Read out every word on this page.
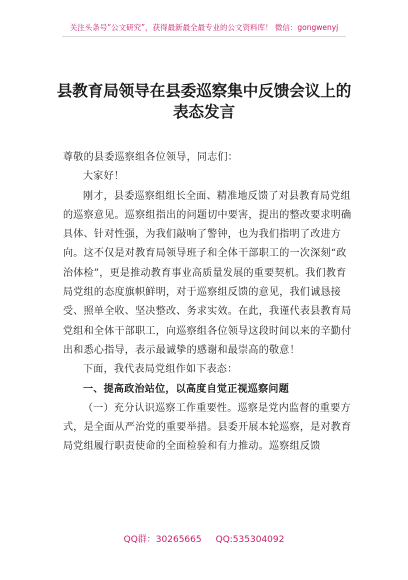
关注头条号“公文研究”，获得最新最全最专业的公文资料库！ 微信：gongwenyj
县教育局领导在县委巡察集中反馈会议上的
表态发言

尊敬的县委巡察组各位领导，同志们：

大家好！

刚才，县委巡察组组长全面、精准地反馈了对县教育局党组的巡察意见。巡察组指出的问题切中要害，提出的整改要求明确具体、针对性强，为我们敲响了警钟，也为我们指明了改进方向。这不仅是对教育局领导班子和全体干部职工的一次深刻“政治体检”，更是推动教育事业高质量发展的重要契机。我们教育局党组的态度旗帜鲜明，对于巡察组反馈的意见，我们诚恳接受、照单全收、坚决整改、务求实效。在此，我谨代表县教育局党组和全体干部职工，向巡察组各位领导这段时间以来的辛勤付出和悉心指导，表示最诚挚的感谢和最崇高的敬意！

下面，我代表局党组作如下表态：

一、提高政治站位，以高度自觉正视巡察问题

（一）充分认识巡察工作重要性。巡察是党内监督的重要方式，是全面从严治党的重要举措。县委开展本轮巡察，是对教育局党组履行职责使命的全面检验和有力推动。巡察组反馈

QQ群：30265665 QQ:535304092
